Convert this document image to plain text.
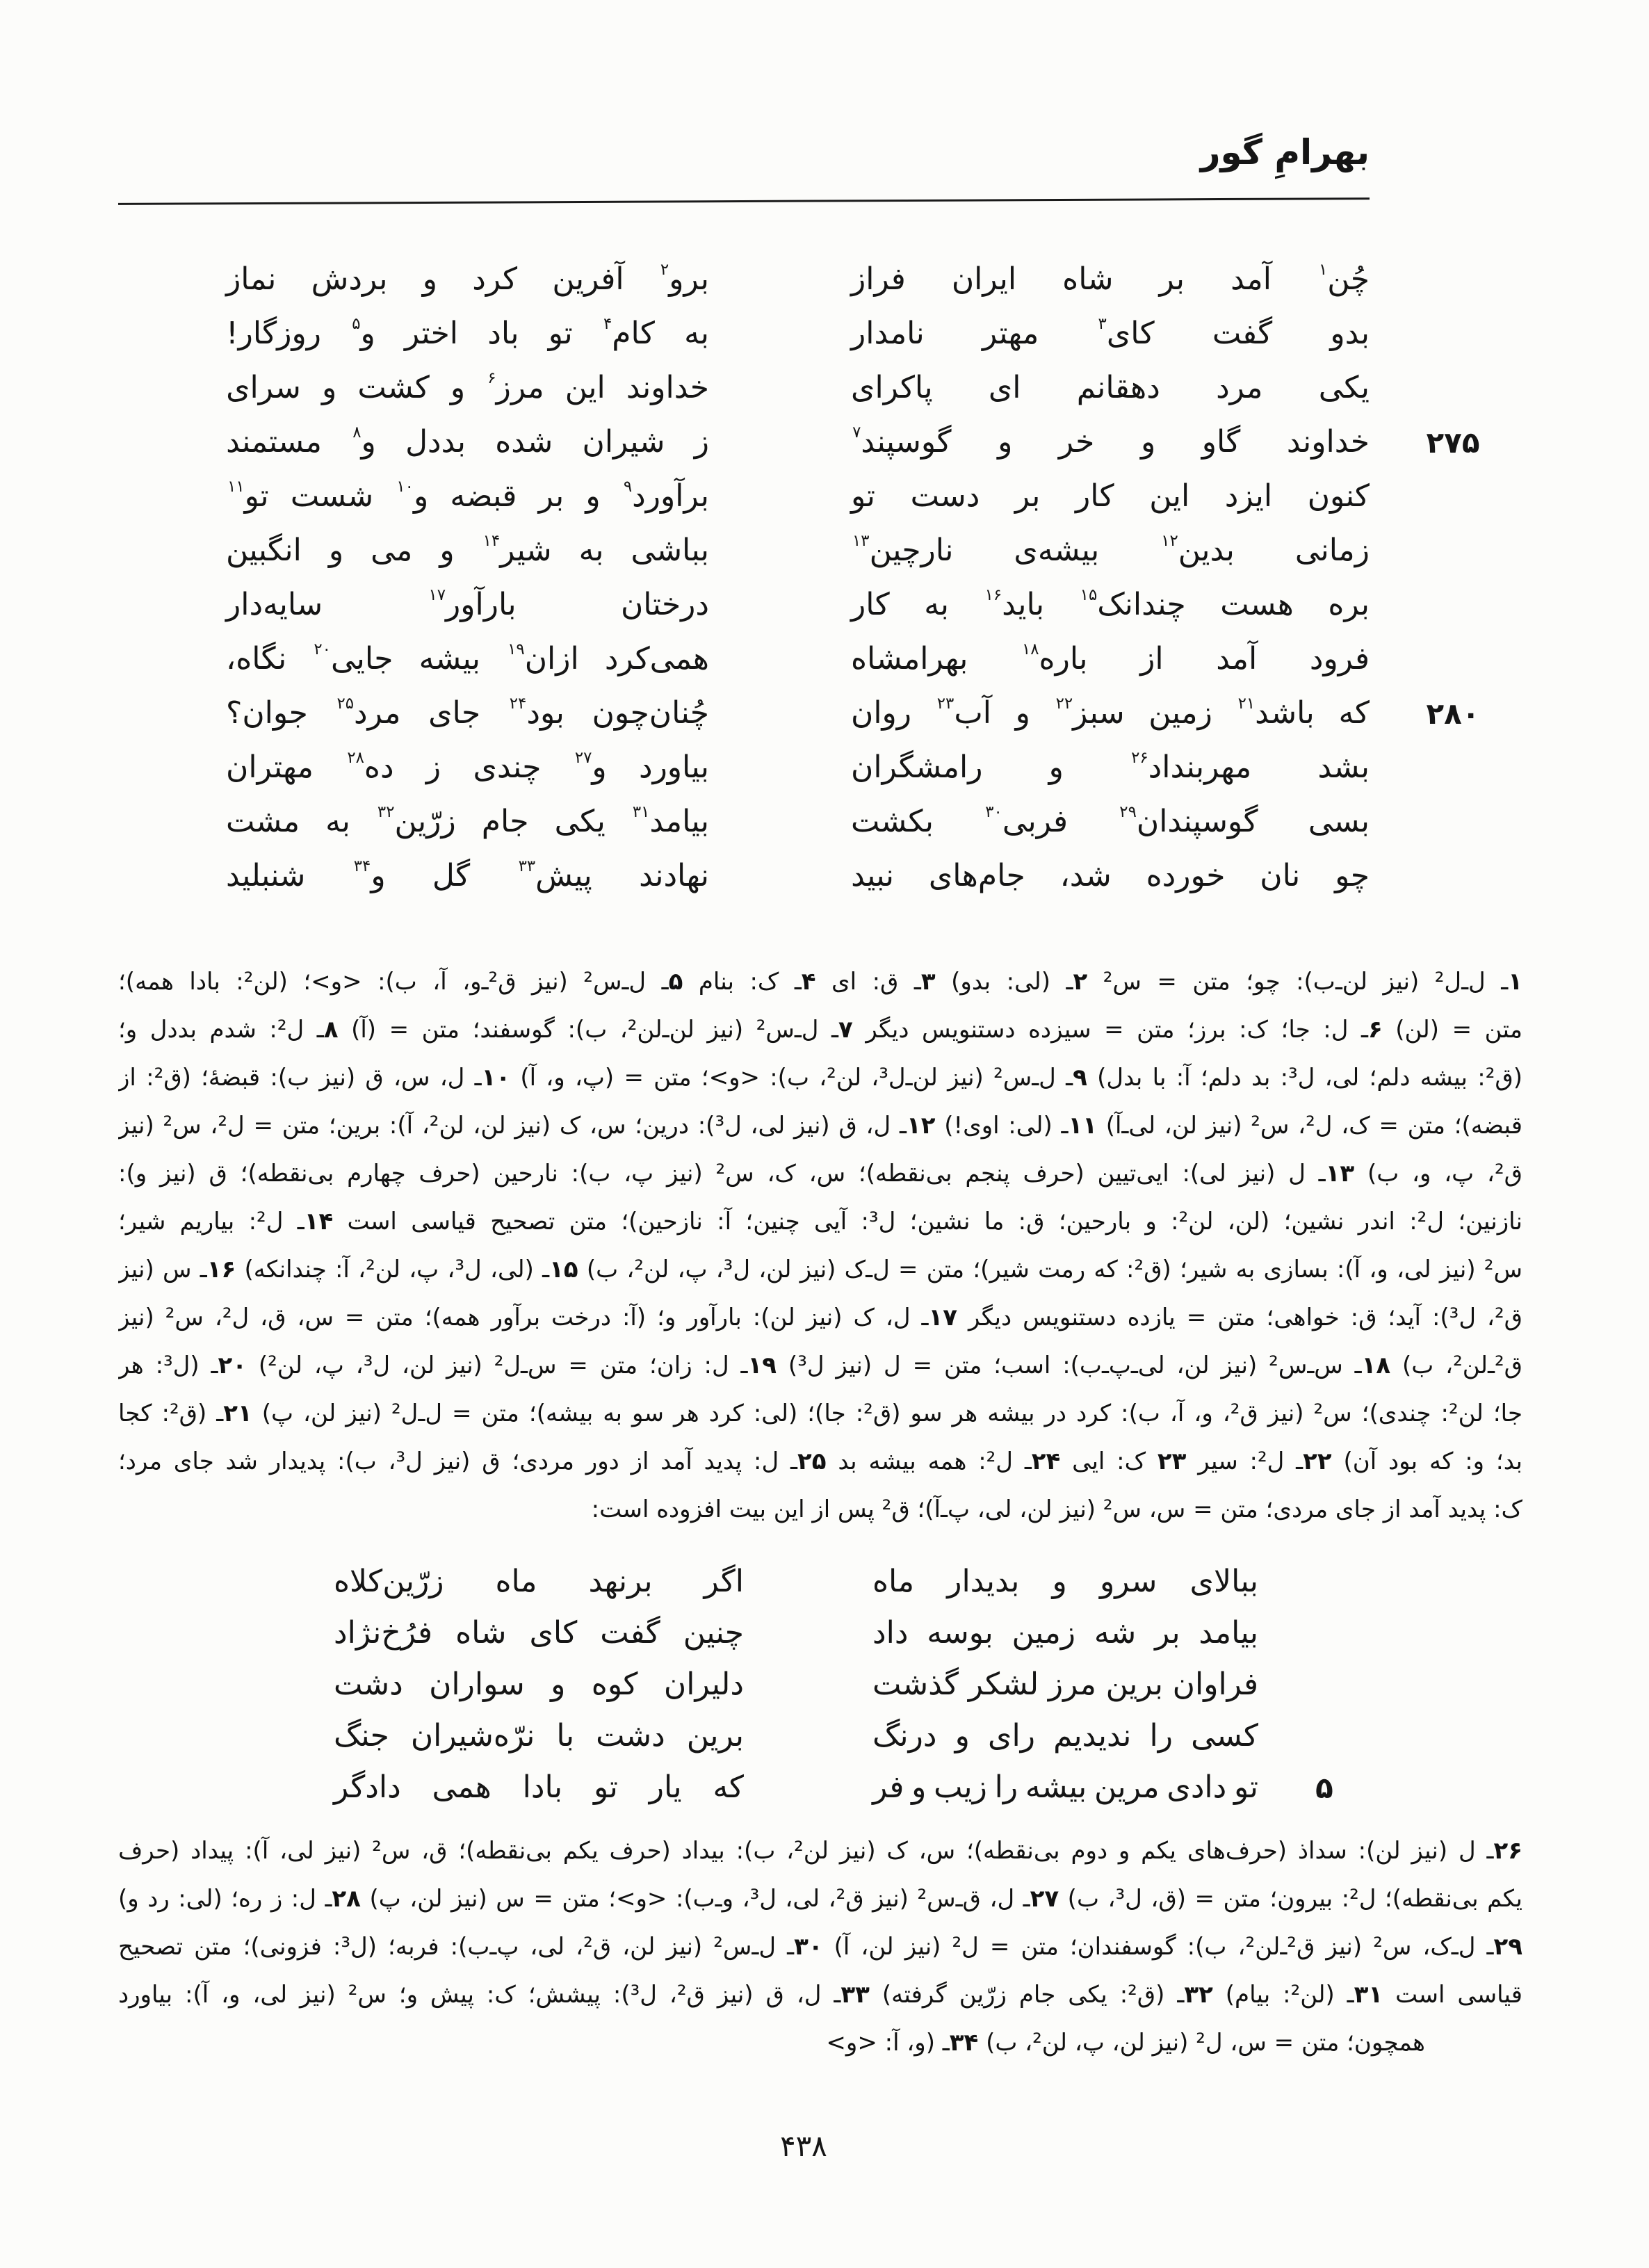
بهرامِ گور
چُن$^۱$
آمد
بر
شاه
ایران
فراز
برو$^۲$
آفرین
کرد
و
بردش
نماز
بدو
گفت
کای$^۳$
مهتر
نامدار
به
کام$^۴$
تو
باد
اختر
و$^۵$
روزگار!
یکی
مرد
دهقانم
ای
پاکرای
خداوند
این
مرز$^۶$
و
کشت
و
سرای
۲۷۵
خداوند
گاو
و
خر
و
گوسپند$^۷$
ز
شیران
شده
بددل
و$^۸$
مستمند
کنون
ایزد
این
کار
بر
دست
تو
برآورد$^۹$
و
بر
قبضه
و$^{۱۰}$
شست
تو$^{۱۱}$
زمانی
بدین$^{۱۲}$
بیشه‌ی
نارچین$^{۱۳}$
بباشی
به
شیر$^{۱۴}$
و
می
و
انگبین
بره
هست
چندانک$^{۱۵}$
باید$^{۱۶}$
به
کار
درختان
بارآور$^{۱۷}$
سایه‌دار
فرود
آمد
از
باره$^{۱۸}$
بهرامشاه
همی‌کرد
ازان$^{۱۹}$
بیشه
جایی$^{۲۰}$
نگاه،
۲۸۰
که
باشد$^{۲۱}$
زمین
سبز$^{۲۲}$
و
آب$^{۲۳}$
روان
چُنان‌چون
بود$^{۲۴}$
جای
مرد$^{۲۵}$
جوان؟
بشد
مهربنداد$^{۲۶}$
و
رامشگران
بیاورد
و$^{۲۷}$
چندی
ز
ده$^{۲۸}$
مهتران
بسی
گوسپندان$^{۲۹}$
فربی$^{۳۰}$
بکشت
بیامد$^{۳۱}$
یکی
جام
زرّین$^{۳۲}$
به
مشت
چو
نان
خورده
شد،
جام‌های
نبید
نهادند
پیش$^{۳۳}$
گل
و$^{۳۴}$
شنبلید
۱ـ ل‌ـ‌ل² (نیز لن‌ـ‌ب): چو؛ متن = س² ۲ـ (لی: بدو) ۳ـ ق: ای ۴ـ ک: بنام ۵ـ ل‌ـ‌س² (نیز ق²ـ‌و، آ، ب): <و>؛ (لن²: بادا همه)؛
متن = (لن) ۶ـ ل: جا؛ ک: برز؛ متن = سیزده دستنویس دیگر ۷ـ ل‌ـ‌س² (نیز لن‌ـ‌لن²، ب): گوسفند؛ متن = (آ) ۸ـ ل²: شدم بددل و؛
(ق²: بیشه دلم؛ لی، ل³: بد دلم؛ آ: با بدل) ۹ـ ل‌ـ‌س² (نیز لن‌ـ‌ل³، لن²، ب): <و>؛ متن = (پ، و، آ) ۱۰ـ ل، س، ق (نیز ب): قبضهٔ؛ (ق²: از
قبضه)؛ متن = ک، ل²، س² (نیز لن، لی‌ـ‌آ) ۱۱ـ (لی: اوی!) ۱۲ـ ل، ق (نیز لی، ل³): درین؛ س، ک (نیز لن، لن²، آ): برین؛ متن = ل²، س² (نیز
ق²، پ، و، ب) ۱۳ـ ل (نیز لی): ایی‌تیین (حرف پنجم بی‌نقطه)؛ س، ک، س² (نیز پ، ب): نارحین (حرف چهارم بی‌نقطه)؛ ق (نیز و):
نازنین؛ ل²: اندر نشین؛ (لن، لن²: و بارحین؛ ق: ما نشین؛ ل³: آیی چنین؛ آ: نازحین)؛ متن تصحیح قیاسی است ۱۴ـ ل²: بیاریم شیر؛
س² (نیز لی، و، آ): بسازی به شیر؛ (ق²: که رمت شیر)؛ متن = ل‌ـ‌ک (نیز لن، ل³، پ، لن²، ب) ۱۵ـ (لی، ل³، پ، لن²، آ: چندانکه) ۱۶ـ س (نیز
ق²، ل³): آید؛ ق: خواهی؛ متن = یازده دستنویس دیگر ۱۷ـ ل، ک (نیز لن): بارآور و؛ (آ: درخت برآور همه)؛ متن = س، ق، ل²، س² (نیز
ق²ـ‌لن²، ب) ۱۸ـ س‌ـ‌س² (نیز لن، لی‌ـ‌پ‌ـ‌ب): اسب؛ متن = ل (نیز ل³) ۱۹ـ ل: زان؛ متن = س‌ـ‌ل² (نیز لن، ل³، پ، لن²) ۲۰ـ (ل³: هر
جا؛ لن²: چندی)؛ س² (نیز ق²، و، آ، ب): کرد در بیشه هر سو (ق²: جا)؛ (لی: کرد هر سو به بیشه)؛ متن = ل‌ـ‌ل² (نیز لن، پ) ۲۱ـ (ق²: کجا
بد؛ و: که بود آن) ۲۲ـ ل²: سیر ۲۳ ک: ایی ۲۴ـ ل²: همه بیشه بد ۲۵ـ ل: پدید آمد از دور مردی؛ ق (نیز ل³، ب): پدیدار شد جای مرد؛
ک: پدید آمد از جای مردی؛ متن = س، س² (نیز لن، لی، پ‌ـ‌آ)؛ ق² پس از این بیت افزوده است:
ببالای
سرو
و
بدیدار
ماه
اگر
برنهد
ماه
زرّین‌کلاه
بیامد
بر
شه
زمین
بوسه
داد
چنین
گفت
کای
شاه
فرُخ‌نژاد
فراوان
برین
مرز
لشکر
گذشت
دلیران
کوه
و
سواران
دشت
کسی
را
ندیدیم
رای
و
درنگ
برین
دشت
با
نرّه‌شیران
جنگ
۵
تو
دادی
مرین
بیشه
را
زیب
و
فر
که
یار
تو
بادا
همی
دادگر
۲۶ـ ل (نیز لن): سداذ (حرف‌های یکم و دوم بی‌نقطه)؛ س، ک (نیز لن²، ب): بیداد (حرف یکم بی‌نقطه)؛ ق، س² (نیز لی، آ): پیداد (حرف
یکم بی‌نقطه)؛ ل²: بیرون؛ متن = (ق، ل³، ب) ۲۷ـ ل، ق‌ـ‌س² (نیز ق²، لی، ل³، و‌ـ‌ب): <و>؛ متن = س (نیز لن، پ) ۲۸ـ ل: ز ره؛ (لی: رد و)
۲۹ـ ل‌ـ‌ک، س² (نیز ق²ـ‌لن²، ب): گوسفندان؛ متن = ل² (نیز لن، آ) ۳۰ـ ل‌ـ‌س² (نیز لن، ق²، لی، پ‌ـ‌ب): فربه؛ (ل³: فزونی)؛ متن تصحیح
قیاسی است ۳۱ـ (لن²: بیام) ۳۲ـ (ق²: یکی جام زرّین گرفته) ۳۳ـ ل، ق (نیز ق²، ل³): پیشش؛ ک: پیش و؛ س² (نیز لی، و، آ): بیاورد
همچون؛ متن = س، ل² (نیز لن، پ، لن²، ب) ۳۴ـ (و، آ: <و>
۴۳۸
